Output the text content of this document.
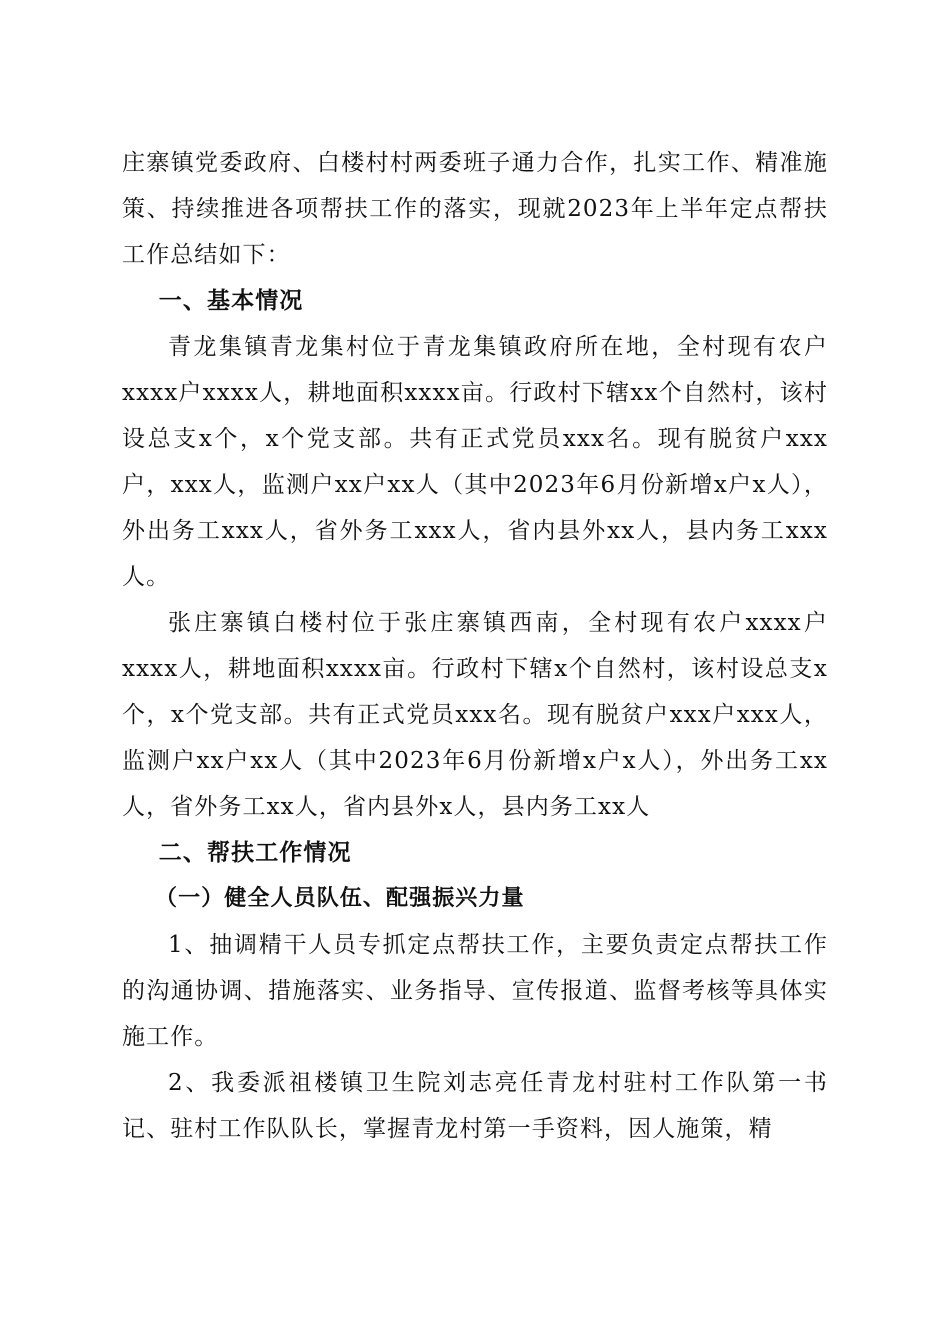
庄寨镇党委政府、白楼村村两委班子通力合作，扎实工作、精准施策、持续推进各项帮扶工作的落实，现就2023年上半年定点帮扶工作总结如下：

一、基本情况

青龙集镇青龙集村位于青龙集镇政府所在地，全村现有农户xxxx户xxxx人，耕地面积xxxx亩。行政村下辖xx个自然村，该村设总支x个，x个党支部。共有正式党员xxx名。现有脱贫户xxx户，xxx人，监测户xx户xx人（其中2023年6月份新增x户x人），外出务工xxx人，省外务工xxx人，省内县外xx人，县内务工xxx人。

张庄寨镇白楼村位于张庄寨镇西南，全村现有农户xxxx户xxxx人，耕地面积xxxx亩。行政村下辖x个自然村，该村设总支x个，x个党支部。共有正式党员xxx名。现有脱贫户xxx户xxx人，监测户xx户xx人（其中2023年6月份新增x户x人），外出务工xx人，省外务工xx人，省内县外x人，县内务工xx人

二、帮扶工作情况

（一）健全人员队伍、配强振兴力量

1、抽调精干人员专抓定点帮扶工作，主要负责定点帮扶工作的沟通协调、措施落实、业务指导、宣传报道、监督考核等具体实施工作。

2、我委派祖楼镇卫生院刘志亮任青龙村驻村工作队第一书记、驻村工作队队长，掌握青龙村第一手资料，因人施策，精
